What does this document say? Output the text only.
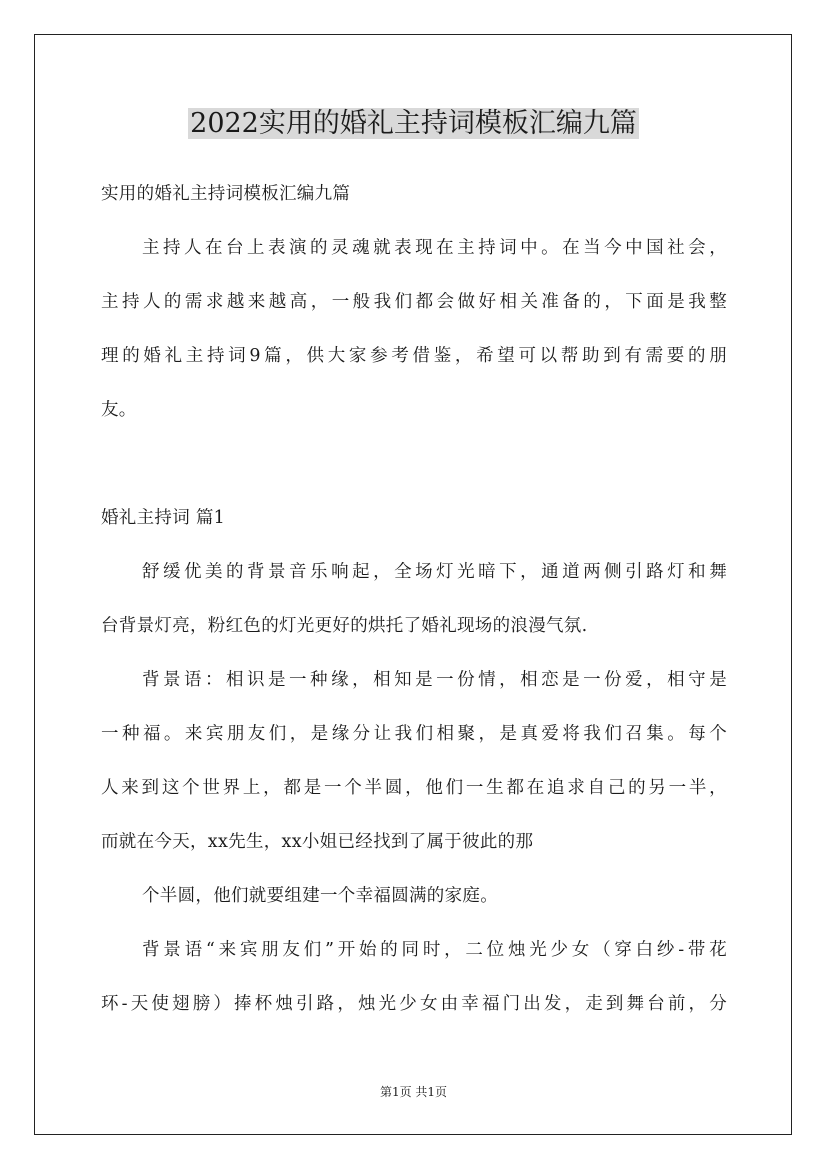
2022实用的婚礼主持词模板汇编九篇

实用的婚礼主持词模板汇编九篇

主持人在台上表演的灵魂就表现在主持词中。在当今中国社会，

主持人的需求越来越高，一般我们都会做好相关准备的，下面是我整

理的婚礼主持词9篇，供大家参考借鉴，希望可以帮助到有需要的朋

友。

婚礼主持词 篇1

舒缓优美的背景音乐响起，全场灯光暗下，通道两侧引路灯和舞

台背景灯亮，粉红色的灯光更好的烘托了婚礼现场的浪漫气氛.

背景语：相识是一种缘，相知是一份情，相恋是一份爱，相守是

一种福。来宾朋友们，是缘分让我们相聚，是真爱将我们召集。每个

人来到这个世界上，都是一个半圆，他们一生都在追求自己的另一半，

而就在今天，xx先生，xx小姐已经找到了属于彼此的那

个半圆，他们就要组建一个幸福圆满的家庭。

背景语“来宾朋友们”开始的同时，二位烛光少女（穿白纱-带花

环-天使翅膀）捧杯烛引路，烛光少女由幸福门出发，走到舞台前，分

第1页 共1页
